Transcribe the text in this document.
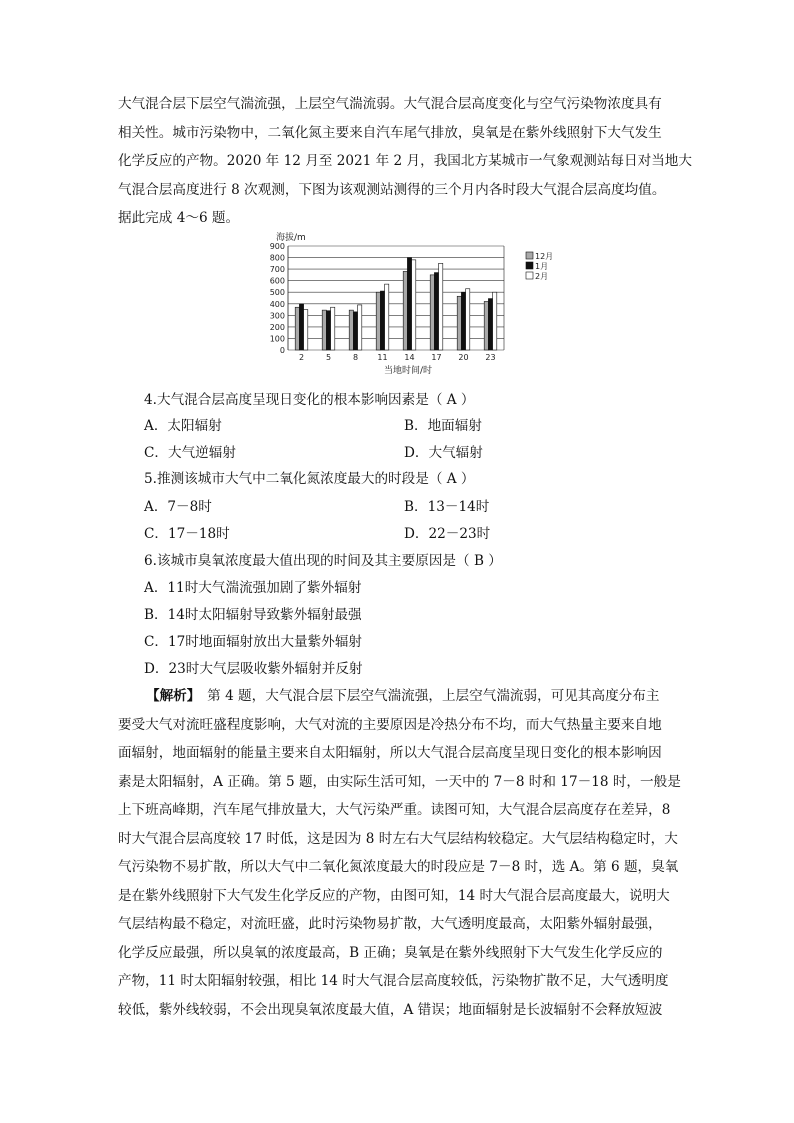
大气混合层下层空气湍流强，上层空气湍流弱。大气混合层高度变化与空气污染物浓度具有
相关性。城市污染物中，二氧化氮主要来自汽车尾气排放，臭氧是在紫外线照射下大气发生
化学反应的产物。2020 年 12 月至 2021 年 2 月，我国北方某城市一气象观测站每日对当地大
气混合层高度进行 8 次观测，下图为该观测站测得的三个月内各时段大气混合层高度均值。
据此完成 4～6 题。
海拔/m
0
100
200
300
400
500
600
700
800
900
2	5	8 11 14 17 20 23
当地时间/时
12月
1月
2月
4.大气混合层高度呈现日变化的根本影响因素是（ A ）
A．太阳辐射	B．地面辐射
C．大气逆辐射	D．大气辐射
5.推测该城市大气中二氧化氮浓度最大的时段是（ A ）
A．7－8时	B．13－14时
C．17－18时	D．22－23时
6.该城市臭氧浓度最大值出现的时间及其主要原因是（ B ）
A．11时大气湍流强加剧了紫外辐射
B．14时太阳辐射导致紫外辐射最强
C．17时地面辐射放出大量紫外辐射
D．23时大气层吸收紫外辐射并反射
【解析】　第 4 题，大气混合层下层空气湍流强，上层空气湍流弱，可见其高度分布主
要受大气对流旺盛程度影响，大气对流的主要原因是冷热分布不均，而大气热量主要来自地
面辐射，地面辐射的能量主要来自太阳辐射，所以大气混合层高度呈现日变化的根本影响因
素是太阳辐射，A 正确。第 5 题，由实际生活可知，一天中的 7－8 时和 17－18 时，一般是
上下班高峰期，汽车尾气排放量大，大气污染严重。读图可知，大气混合层高度存在差异，8
时大气混合层高度较 17 时低，这是因为 8 时左右大气层结构较稳定。大气层结构稳定时，大
气污染物不易扩散，所以大气中二氧化氮浓度最大的时段应是 7－8 时，选 A。第 6 题，臭氧
是在紫外线照射下大气发生化学反应的产物，由图可知，14 时大气混合层高度最大，说明大
气层结构最不稳定，对流旺盛，此时污染物易扩散，大气透明度最高，太阳紫外辐射最强，
化学反应最强，所以臭氧的浓度最高，B 正确；臭氧是在紫外线照射下大气发生化学反应的
产物，11 时太阳辐射较强，相比 14 时大气混合层高度较低，污染物扩散不足，大气透明度
较低，紫外线较弱，不会出现臭氧浓度最大值，A 错误；地面辐射是长波辐射不会释放短波
